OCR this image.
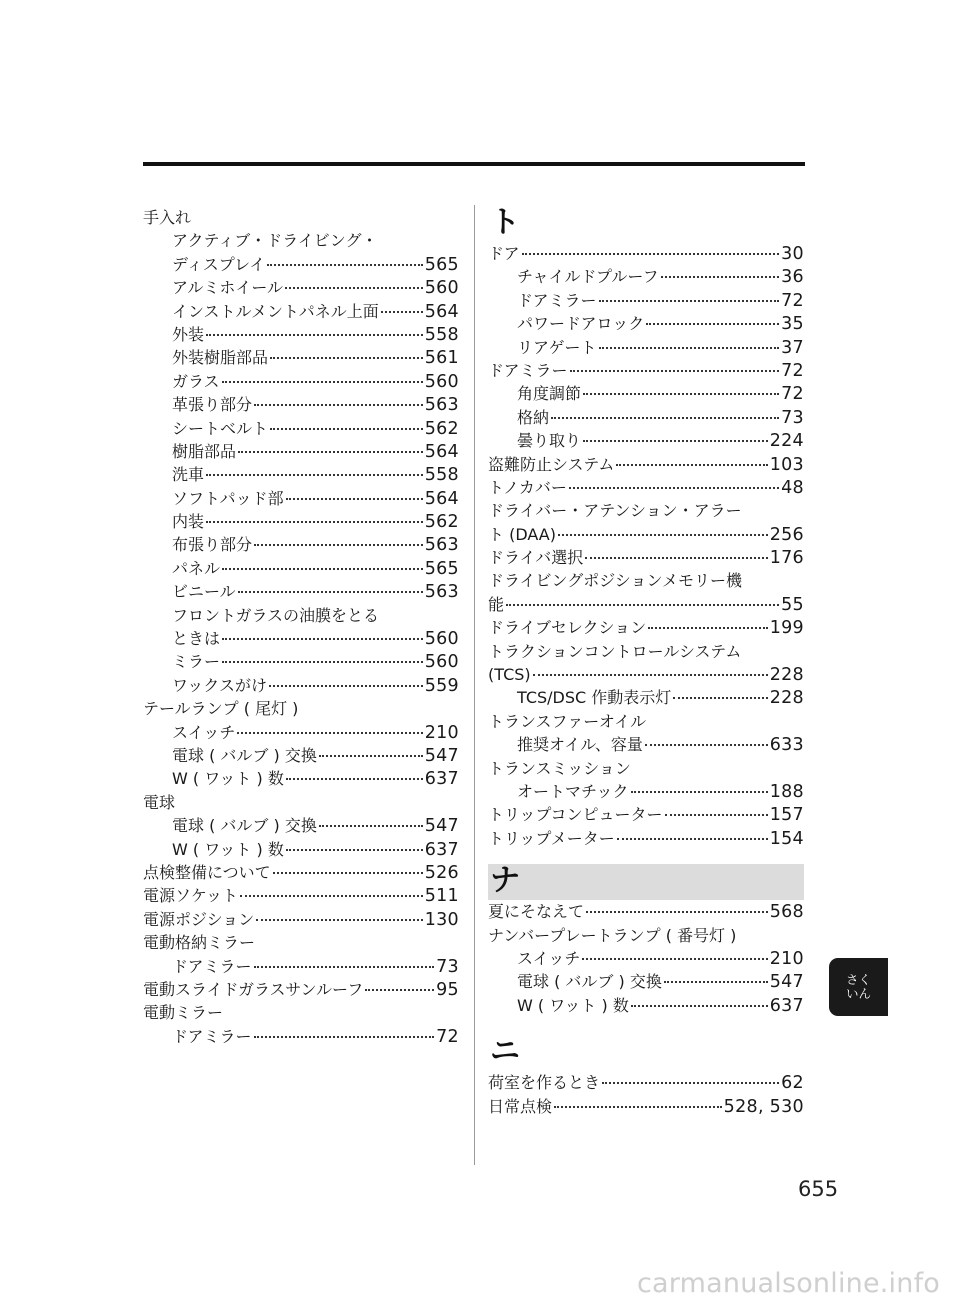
手入れ
アクティブ・ドライビング・
ディスプレイ	565
アルミホイール	560
インストルメントパネル上面	564
外装	558
外装樹脂部品	561
ガラス	560
革張り部分	563
シートベルト	562
樹脂部品	564
洗車	558
ソフトパッド部	564
内装	562
布張り部分	563
パネル	565
ビニール	563
フロントガラスの油膜をとる
ときは	560
ミラー	560
ワックスがけ	559
テールランプ ( 尾灯 )
スイッチ	210
電球 ( バルブ ) 交換	547
W ( ワット ) 数	637
電球
電球 ( バルブ ) 交換	547
W ( ワット ) 数	637
点検整備について	526
電源ソケット	511
電源ポジション	130
電動格納ミラー
ドアミラー	73
電動スライドガラスサンルーフ	95
電動ミラー
ドアミラー	72
ト
ドア	30
チャイルドプルーフ	36
ドアミラー	72
パワードアロック	35
リアゲート	37
ドアミラー	72
角度調節	72
格納	73
曇り取り	224
盗難防止システム	103
トノカバー	48
ドライバー・アテンション・アラー
ト (DAA)	256
ドライバ選択	176
ドライビングポジションメモリー機
能	55
ドライブセレクション	199
トラクションコントロールシステム
(TCS)	228
TCS/DSC 作動表示灯	228
トランスファーオイル
推奨オイル、容量	633
トランスミッション
オートマチック	188
トリップコンピューター	157
トリップメーター	154
ナ
夏にそなえて	568
ナンバープレートランプ ( 番号灯 )
スイッチ	210
電球 ( バルブ ) 交換	547
W ( ワット ) 数	637
ニ
荷室を作るとき	62
日常点検	528, 530
さく
いん
655
carmanualsonline.info
